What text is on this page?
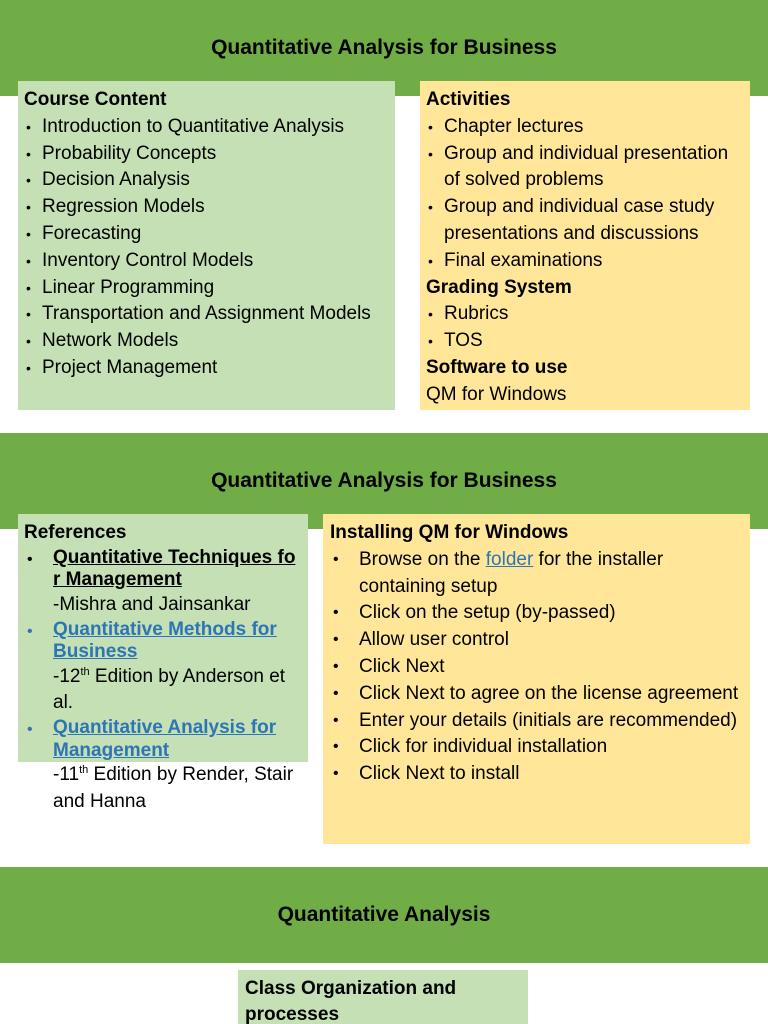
Quantitative Analysis for Business
Course Content
• Introduction to Quantitative Analysis
• Probability Concepts
• Decision Analysis
• Regression Models
• Forecasting
• Inventory Control Models
• Linear Programming
• Transportation and Assignment Models
• Network Models
• Project Management
Activities
• Chapter lectures
• Group and individual presentation of solved problems
• Group and individual case study presentations and discussions
• Final examinations
Grading System
• Rubrics
• TOS
Software to use
QM for Windows
Quantitative Analysis for Business
References
• Quantitative Techniques fo
r Management
-Mishra and Jainsankar
• Quantitative Methods for
Business
-12th Edition by Anderson et al.
• Quantitative Analysis for
Management
-11th Edition by Render, Stair and Hanna
Installing QM for Windows
• Browse on the folder for the installer containing setup
• Click on the setup (by-passed)
• Allow user control
• Click Next
• Click Next to agree on the license agreement
• Enter your details (initials are recommended)
• Click for individual installation
• Click Next to install
Quantitative Analysis
Class Organization and processes
